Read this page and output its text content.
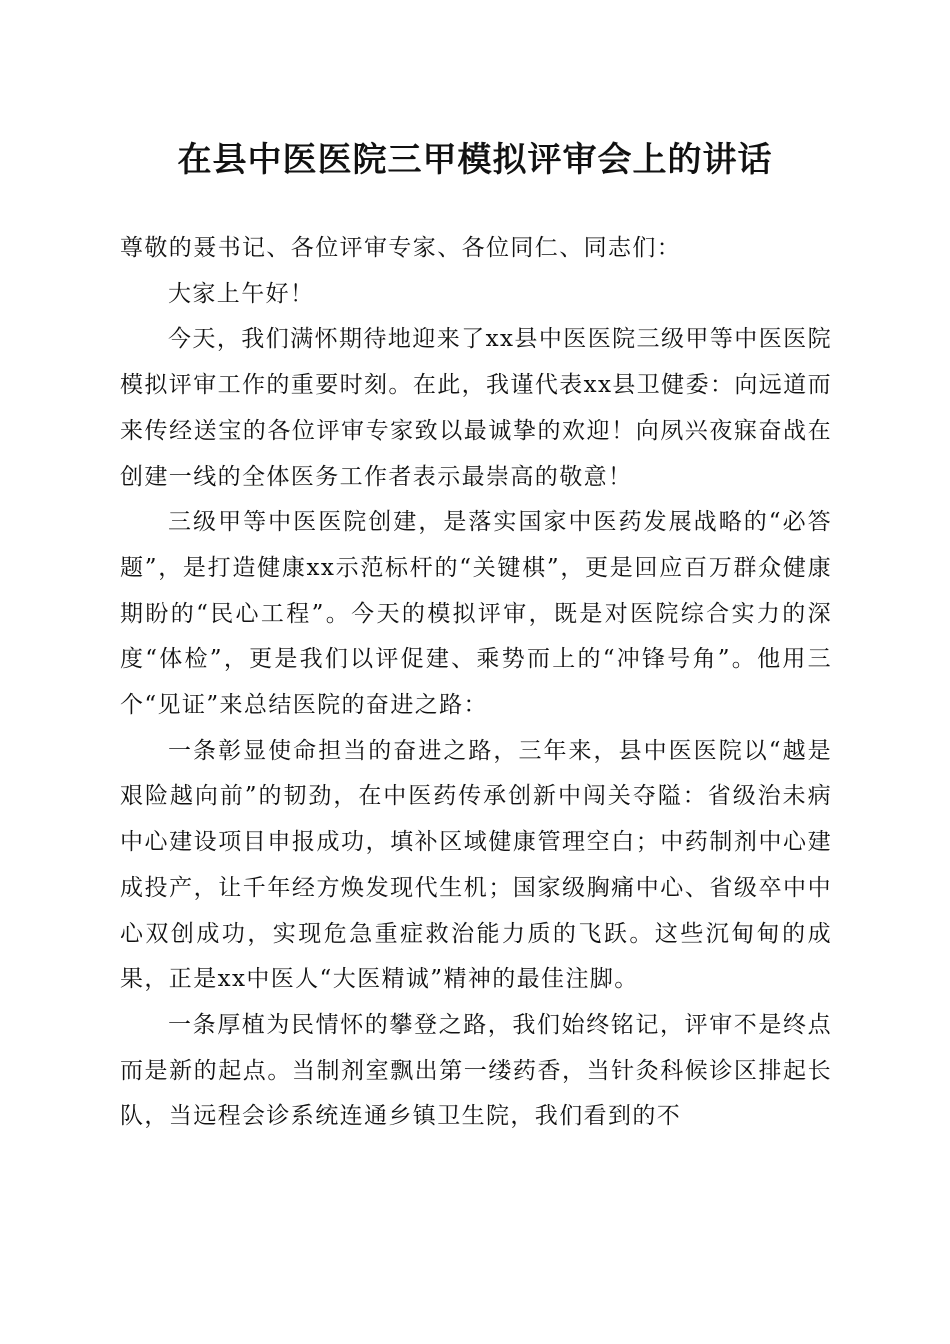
在县中医医院三甲模拟评审会上的讲话

尊敬的聂书记、各位评审专家、各位同仁、同志们：

大家上午好！

今天，我们满怀期待地迎来了xx县中医医院三级甲等中医医院模拟评审工作的重要时刻。在此，我谨代表xx县卫健委：向远道而来传经送宝的各位评审专家致以最诚挚的欢迎！向夙兴夜寐奋战在创建一线的全体医务工作者表示最崇高的敬意！

三级甲等中医医院创建，是落实国家中医药发展战略的“必答题”，是打造健康xx示范标杆的“关键棋”，更是回应百万群众健康期盼的“民心工程”。今天的模拟评审，既是对医院综合实力的深度“体检”，更是我们以评促建、乘势而上的“冲锋号角”。他用三个“见证”来总结医院的奋进之路：

一条彰显使命担当的奋进之路，三年来，县中医医院以“越是艰险越向前”的韧劲，在中医药传承创新中闯关夺隘：省级治未病中心建设项目申报成功，填补区域健康管理空白；中药制剂中心建成投产，让千年经方焕发现代生机；国家级胸痛中心、省级卒中中心双创成功，实现危急重症救治能力质的飞跃。这些沉甸甸的成果，正是xx中医人“大医精诚”精神的最佳注脚。

一条厚植为民情怀的攀登之路，我们始终铭记，评审不是终点而是新的起点。当制剂室飘出第一缕药香，当针灸科候诊区排起长队，当远程会诊系统连通乡镇卫生院，我们看到的不
